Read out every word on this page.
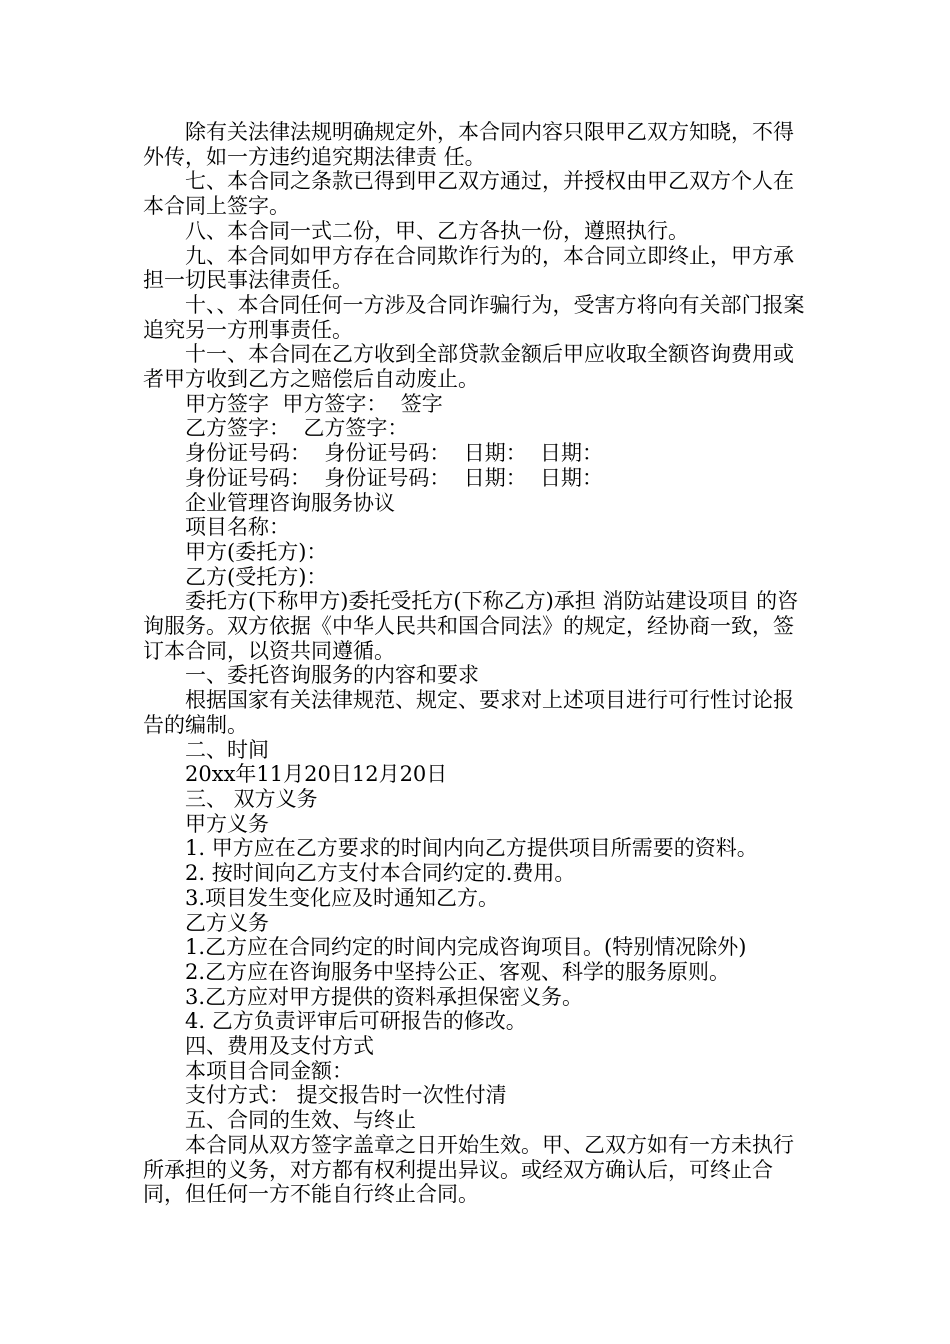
除有关法律法规明确规定外，本合同内容只限甲乙双方知晓，不得外传，如一方违约追究期法律责 任。

七、本合同之条款已得到甲乙双方通过，并授权由甲乙双方个人在本合同上签字。

八、本合同一式二份，甲、乙方各执一份，遵照执行。

九、本合同如甲方存在合同欺诈行为的，本合同立即终止，甲方承担一切民事法律责任。

十、、本合同任何一方涉及合同诈骗行为，受害方将向有关部门报案追究另一方刑事责任。

十一、本合同在乙方收到全部贷款金额后甲应收取全额咨询费用或者甲方收到乙方之赔偿后自动废止。

甲方签字  甲方签字：  签字

乙方签字：  乙方签字：

身份证号码：  身份证号码：  日期：  日期：

身份证号码：  身份证号码：  日期：  日期：

企业管理咨询服务协议

项目名称：

甲方(委托方)：

乙方(受托方)：

委托方(下称甲方)委托受托方(下称乙方)承担 消防站建设项目 的咨询服务。双方依据《中华人民共和国合同法》的规定，经协商一致，签订本合同，以资共同遵循。

一、委托咨询服务的内容和要求

根据国家有关法律规范、规定、要求对上述项目进行可行性讨论报告的编制。

二、时间

20xx年11月20日12月20日

三、 双方义务

甲方义务

1. 甲方应在乙方要求的时间内向乙方提供项目所需要的资料。

2. 按时间向乙方支付本合同约定的.费用。

3.项目发生变化应及时通知乙方。

乙方义务

1.乙方应在合同约定的时间内完成咨询项目。(特别情况除外)

2.乙方应在咨询服务中坚持公正、客观、科学的服务原则。

3.乙方应对甲方提供的资料承担保密义务。

4. 乙方负责评审后可研报告的修改。

四、费用及支付方式

本项目合同金额：

支付方式： 提交报告时一次性付清

五、合同的生效、与终止

本合同从双方签字盖章之日开始生效。甲、乙双方如有一方未执行所承担的义务，对方都有权利提出异议。或经双方确认后，可终止合同，但任何一方不能自行终止合同。
